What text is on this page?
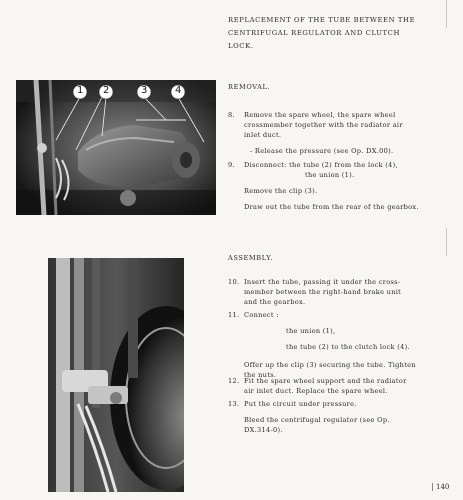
REPLACEMENT OF THE TUBE BETWEEN THE
CENTRIFUGAL REGULATOR AND CLUTCH
LOCK.
1 2	3	4	REMOVAL.
8. Remove the spare wheel, the spare wheel
crossmember together with the radiator air
inlet duct.
- Release the pressure (see Op. DX.00).
9. Disconnect: the tube (2) from the lock (4),
the union (1).
Remove the clip (3).
Draw out the tube from the rear of the gearbox.
ASSEMBLY.
10. Insert the tube, passing it under the cross-
member between the right-hand brake unit
and the gearbox.
11. Connect :
the union (1),
the tube (2) to the clutch lock (4).
Offer up the clip (3) securing the tube. Tighten
the nuts.
12. Fit the spare wheel support and the radiator
air inlet duct. Replace the spare wheel.
13. Put the circuit under pressure.
Bleed the centrifugal regulator (see Op.
DX.314-0).
140
